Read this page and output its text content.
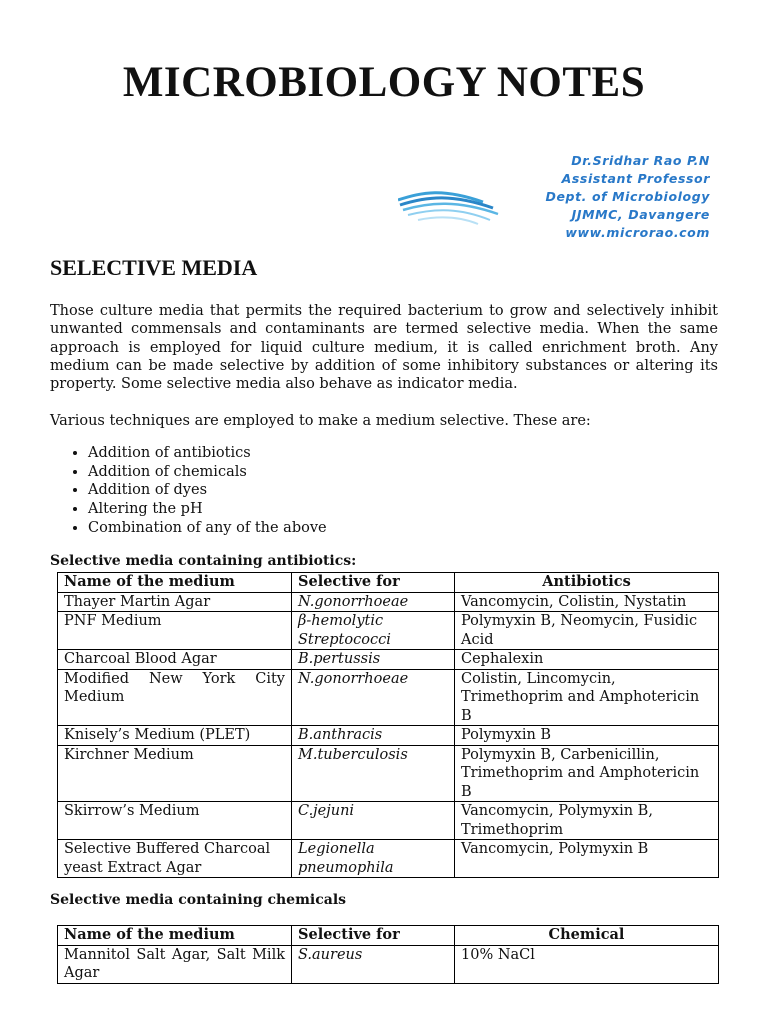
MICROBIOLOGY NOTES
Dr.Sridhar Rao P.N
Assistant Professor
Dept. of Microbiology
JJMMC, Davangere
www.microrao.com
SELECTIVE MEDIA

Those culture media that permits the required bacterium to grow and selectively inhibit unwanted commensals and contaminants are termed selective media. When the same approach is employed for liquid culture medium, it is called enrichment broth. Any medium can be made selective by addition of some inhibitory substances or altering its property. Some selective media also behave as indicator media.

Various techniques are employed to make a medium selective. These are:

• Addition of antibiotics
• Addition of chemicals
• Addition of dyes
• Altering the pH
• Combination of any of the above

Selective media containing antibiotics:

Name of the medium	Selective for	Antibiotics
Thayer Martin Agar	N.gonorrhoeae	Vancomycin, Colistin, Nystatin
PNF Medium	β-hemolytic Streptococci	Polymyxin B, Neomycin, Fusidic Acid
Charcoal Blood Agar	B.pertussis	Cephalexin
Modified New York City Medium	N.gonorrhoeae	Colistin, Lincomycin, Trimethoprim and Amphotericin B
Knisely’s Medium (PLET)	B.anthracis	Polymyxin B
Kirchner Medium	M.tuberculosis	Polymyxin B, Carbenicillin, Trimethoprim and Amphotericin B
Skirrow’s Medium	C.jejuni	Vancomycin, Polymyxin B, Trimethoprim
Selective Buffered Charcoal yeast Extract Agar	Legionella pneumophila	Vancomycin, Polymyxin B

Selective media containing chemicals

Name of the medium	Selective for	Chemical
Mannitol Salt Agar, Salt Milk Agar	S.aureus	10% NaCl
